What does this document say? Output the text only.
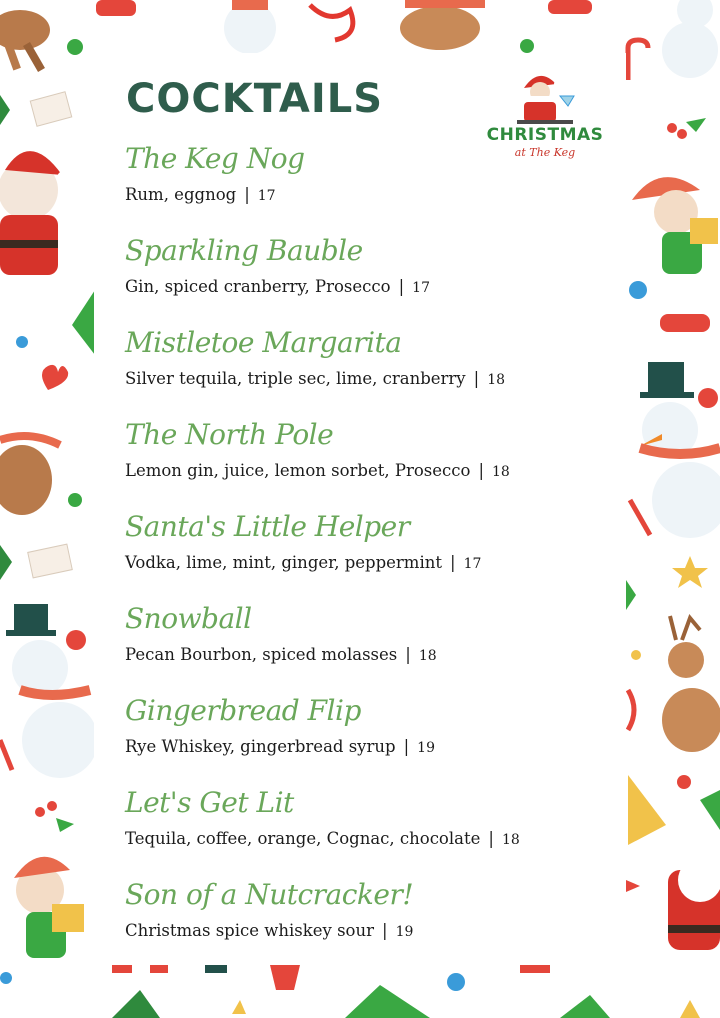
COCKTAILS
CHRISTMAS
at The Keg
The Keg Nog
Rum, eggnog | 17
Sparkling Bauble
Gin, spiced cranberry, Prosecco | 17
Mistletoe Margarita
Silver tequila, triple sec, lime, cranberry | 18
The North Pole
Lemon gin, juice, lemon sorbet, Prosecco | 18
Santa's Little Helper
Vodka, lime, mint, ginger, peppermint | 17
Snowball
Pecan Bourbon, spiced molasses | 18
Gingerbread Flip
Rye Whiskey, gingerbread syrup | 19
Let's Get Lit
Tequila, coffee, orange, Cognac, chocolate | 18
Son of a Nutcracker!
Christmas spice whiskey sour | 19
